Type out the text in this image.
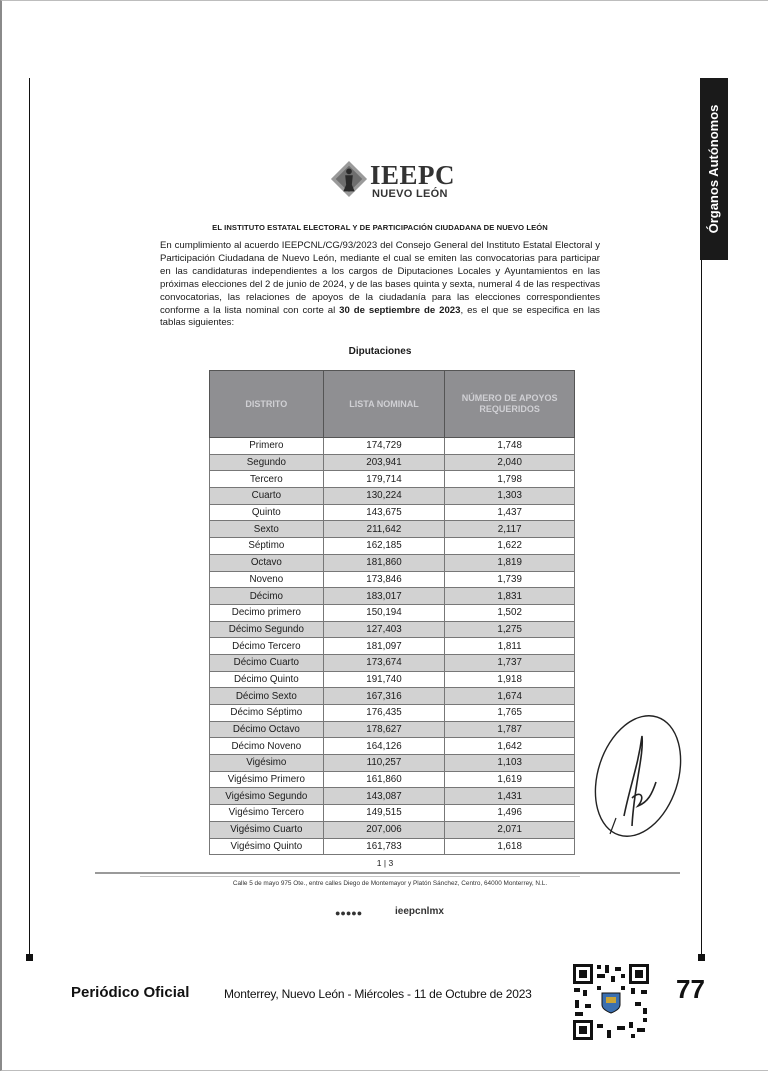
Órganos Autónomos
IEEPC
NUEVO LEÓN
EL INSTITUTO ESTATAL ELECTORAL Y DE PARTICIPACIÓN CIUDADANA DE NUEVO LEÓN
En cumplimiento al acuerdo IEEPCNL/CG/93/2023 del Consejo General del Instituto Estatal Electoral y Participación Ciudadana de Nuevo León, mediante el cual se emiten las convocatorias para participar en las candidaturas independientes a los cargos de Diputaciones Locales y Ayuntamientos en las próximas elecciones del 2 de junio de 2024, y de las bases quinta y sexta, numeral 4 de las respectivas convocatorias, las relaciones de apoyos de la ciudadanía para las elecciones correspondientes conforme a la lista nominal con corte al 30 de septiembre de 2023, es el que se especifica en las tablas siguientes:
Diputaciones
DISTRITO	LISTA NOMINAL	NÚMERO DE APOYOS REQUERIDOS
Primero	174,729	1,748
Segundo	203,941	2,040
Tercero	179,714	1,798
Cuarto	130,224	1,303
Quinto	143,675	1,437
Sexto	211,642	2,117
Séptimo	162,185	1,622
Octavo	181,860	1,819
Noveno	173,846	1,739
Décimo	183,017	1,831
Decimo primero	150,194	1,502
Décimo Segundo	127,403	1,275
Décimo Tercero	181,097	1,811
Décimo Cuarto	173,674	1,737
Décimo Quinto	191,740	1,918
Décimo Sexto	167,316	1,674
Décimo Séptimo	176,435	1,765
Décimo Octavo	178,627	1,787
Décimo Noveno	164,126	1,642
Vigésimo	110,257	1,103
Vigésimo Primero	161,860	1,619
Vigésimo Segundo	143,087	1,431
Vigésimo Tercero	149,515	1,496
Vigésimo Cuarto	207,006	2,071
Vigésimo Quinto	161,783	1,618
1 | 3
Calle 5 de mayo 975 Ote., entre calles Diego de Montemayor y Platón Sánchez, Centro, 64000 Monterrey, N.L.
●●●●●	ieepcnlmx
Periódico Oficial	Monterrey, Nuevo León - Miércoles - 11 de Octubre de 2023	77
